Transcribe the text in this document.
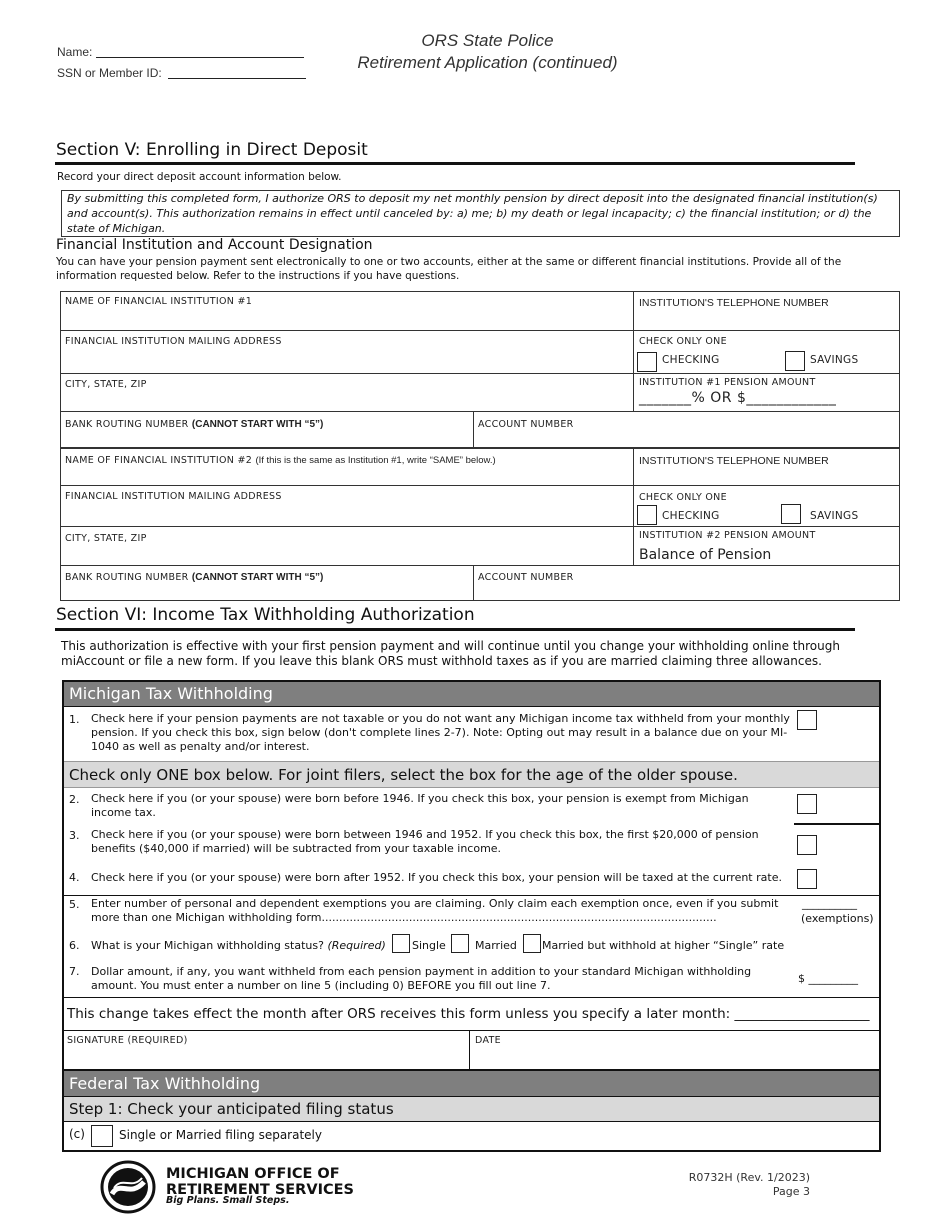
Name:
SSN or Member ID:
ORS State Police
Retirement Application (continued)
Section V: Enrolling in Direct Deposit
Record your direct deposit account information below.
By submitting this completed form, I authorize ORS to deposit my net monthly pension by direct deposit into the designated financial institution(s) and account(s). This authorization remains in effect until canceled by: a) me; b) my death or legal incapacity; c) the financial institution; or d) the state of Michigan.
Financial Institution and Account Designation
You can have your pension payment sent electronically to one or two accounts, either at the same or different financial institutions. Provide all of the information requested below. Refer to the instructions if you have questions.
NAME OF FINANCIAL INSTITUTION #1	INSTITUTION'S TELEPHONE NUMBER
FINANCIAL INSTITUTION MAILING ADDRESS	CHECK ONLY ONE
CHECKING	SAVINGS
CITY, STATE, ZIP	INSTITUTION #1 PENSION AMOUNT
_______% OR $____________
BANK ROUTING NUMBER (CANNOT START WITH “5”)	ACCOUNT NUMBER
NAME OF FINANCIAL INSTITUTION #2 (If this is the same as Institution #1, write “SAME” below.)	INSTITUTION'S TELEPHONE NUMBER
FINANCIAL INSTITUTION MAILING ADDRESS	CHECK ONLY ONE
CHECKING	SAVINGS
CITY, STATE, ZIP	INSTITUTION #2 PENSION AMOUNT
Balance of Pension
BANK ROUTING NUMBER (CANNOT START WITH “5”)	ACCOUNT NUMBER
Section VI: Income Tax Withholding Authorization
This authorization is effective with your first pension payment and will continue until you change your withholding online through miAccount or file a new form. If you leave this blank ORS must withhold taxes as if you are married claiming three allowances.
Michigan Tax Withholding
1. Check here if your pension payments are not taxable or you do not want any Michigan income tax withheld from your monthly pension. If you check this box, sign below (don't complete lines 2-7). Note: Opting out may result in a balance due on your MI-1040 as well as penalty and/or interest.
Check only ONE box below. For joint filers, select the box for the age of the older spouse.
2. Check here if you (or your spouse) were born before 1946. If you check this box, your pension is exempt from Michigan income tax.
3. Check here if you (or your spouse) were born between 1946 and 1952. If you check this box, the first $20,000 of pension benefits ($40,000 if married) will be subtracted from your taxable income.
4. Check here if you (or your spouse) were born after 1952. If you check this box, your pension will be taxed at the current rate.
5. Enter number of personal and dependent exemptions you are claiming. Only claim each exemption once, even if you submit more than one Michigan withholding form.................................................................................................................
__________
(exemptions)
6. What is your Michigan withholding status? (Required) Single	Married Married but withhold at higher “Single” rate
7. Dollar amount, if any, you want withheld from each pension payment in addition to your standard Michigan withholding amount. You must enter a number on line 5 (including 0) BEFORE you fill out line 7.
$ _________
This change takes effect the month after ORS receives this form unless you specify a later month: ____________________
SIGNATURE (REQUIRED)	DATE
Federal Tax Withholding
Step 1: Check your anticipated filing status
(c)	Single or Married filing separately
MICHIGAN OFFICE OF
RETIREMENT SERVICES
Big Plans. Small Steps.
R0732H (Rev. 1/2023)
Page 3
